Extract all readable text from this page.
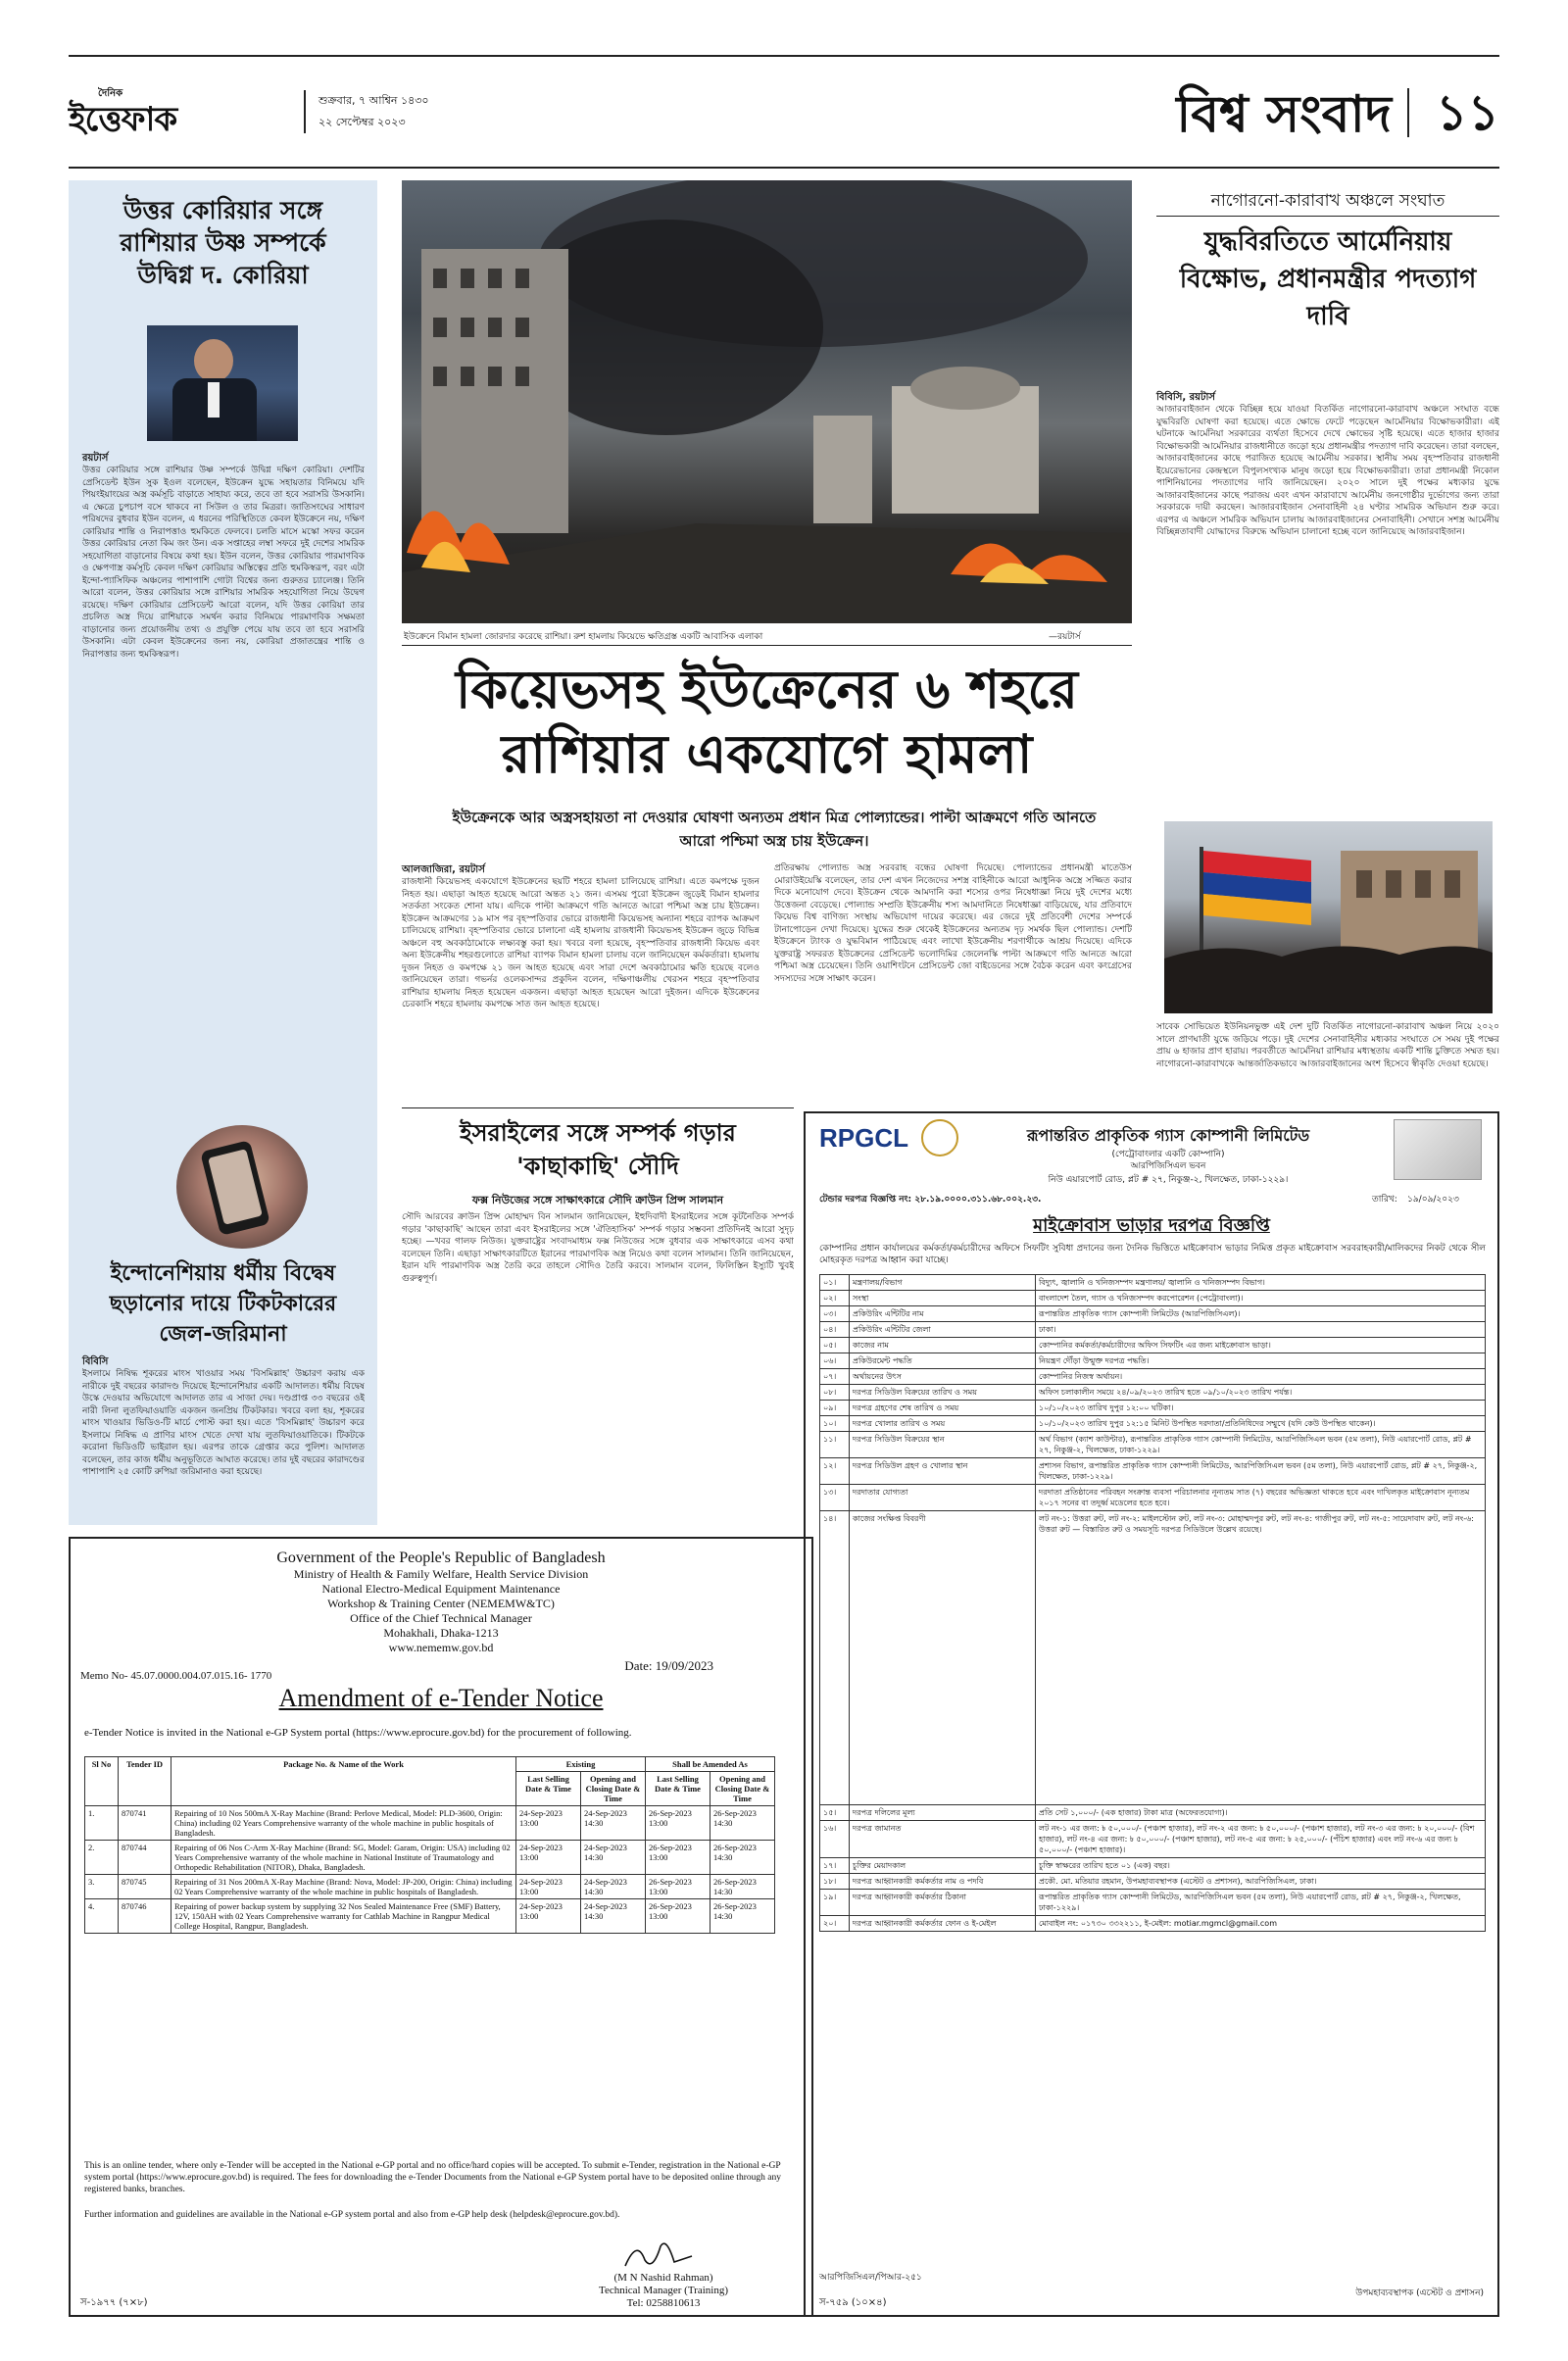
দৈনিক
ইত্তেফাক	শুক্রবার, ৭ আশ্বিন ১৪৩০
২২ সেপ্টেম্বর ২০২৩	বিশ্ব সংবাদ ১১
উত্তর কোরিয়ার সঙ্গে রাশিয়ার উষ্ণ সম্পর্কে উদ্বিগ্ন দ. কোরিয়া
রয়টার্স
উত্তর কোরিয়ার সঙ্গে রাশিয়ার উষ্ণ সম্পর্কে উদ্বিগ্ন দক্ষিণ কোরিয়া। দেশটির প্রেসিডেন্ট ইউন সুক ইওল বলেছেন, ইউক্রেন যুদ্ধে সহায়তার বিনিময়ে যদি পিয়ংইয়াংয়ের অস্ত্র কর্মসূচি বাড়াতে সাহায্য করে, তবে তা হবে সরাসরি উসকানি। এ ক্ষেত্রে চুপচাপ বসে থাকবে না সিউল ও তার মিত্ররা। জাতিসংঘের সাধারণ পরিষদের বুধবার ইউন বলেন, এ ধরনের পরিস্থিতিতে কেবল ইউক্রেনে নয়, দক্ষিণ কোরিয়ার শান্তি ও নিরাপত্তাও হুমকিতে ফেলবে। চলতি মাসে মস্কো সফর করেন উত্তর কোরিয়ার নেতা কিম জং উন। এক সপ্তাহের লম্বা সফরে দুই দেশের সামরিক সহযোগিতা বাড়ানোর বিষয়ে কথা হয়। ইউন বলেন, উত্তর কোরিয়ার পারমাণবিক ও ক্ষেপণাস্ত্র কর্মসূচি কেবল দক্ষিণ কোরিয়ার অস্তিত্বের প্রতি হুমকিস্বরূপ, বরং এটা ইন্দো-প্যাসিফিক অঞ্চলের পাশাপাশি গোটা বিশ্বের জন্য গুরুতর চ্যালেঞ্জ। তিনি আরো বলেন, উত্তর কোরিয়ার সঙ্গে রাশিয়ার সামরিক সহযোগিতা নিয়ে উদ্বেগ রয়েছে। দক্ষিণ কোরিয়ার প্রেসিডেন্ট আরো বলেন, যদি উত্তর কোরিয়া তার প্রচলিত অস্ত্র দিয়ে রাশিয়াকে সমর্থন করার বিনিময়ে পারমাণবিক সক্ষমতা বাড়ানোর জন্য প্রয়োজনীয় তথ্য ও প্রযুক্তি পেয়ে যায় তবে তা হবে সরাসরি উসকানি। এটা কেবল ইউক্রেনের জন্য নয়, কোরিয়া প্রজাতন্ত্রের শান্তি ও নিরাপত্তার জন্য হুমকিস্বরূপ।
ইন্দোনেশিয়ায় ধর্মীয় বিদ্বেষ ছড়ানোর দায়ে টিকটকারের জেল-জরিমানা
বিবিসি
ইসলামে নিষিদ্ধ শূকরের মাংস খাওয়ার সময় 'বিসমিল্লাহ' উচ্চারণ করায় এক নারীকে দুই বছরের কারাদণ্ড দিয়েছে ইন্দোনেশিয়ার একটি আদালত। ধর্মীয় বিদ্বেষ উস্কে দেওয়ার অভিযোগে আদালত তার এ সাজা দেয়। দণ্ডপ্রাপ্ত ৩৩ বছরের ওই নারী লিনা লুতফিয়াওয়াতি একজন জনপ্রিয় টিকটকার। খবরে বলা হয়, শূকরের মাংস খাওয়ার ভিডিও-টি মার্চে পোস্ট করা হয়। এতে 'বিসমিল্লাহ' উচ্চারণ করে ইসলামে নিষিদ্ধ এ প্রাণির মাংস খেতে দেখা যায় লুতফিয়াওয়াতিকে। টিকটকে করোনা ভিডিওটি ভাইরাল হয়। এরপর তাকে গ্রেপ্তার করে পুলিশ। আদালত বলেছেন, তার কাজ ধর্মীয় অনুভূতিতে আঘাত করেছে। তার দুই বছরের কারাদণ্ডের পাশাপাশি ২৫ কোটি রুপিয়া জরিমানাও করা হয়েছে।
ইউক্রেনে বিমান হামলা জোরদার করেছে রাশিয়া। রুশ হামলায় কিয়েভে ক্ষতিগ্রস্ত একটি আবাসিক এলাকা	—রয়টার্স
কিয়েভসহ ইউক্রেনের ৬ শহরে
রাশিয়ার একযোগে হামলা
ইউক্রেনকে আর অস্ত্রসহায়তা না দেওয়ার ঘোষণা অন্যতম প্রধান মিত্র পোল্যান্ডের। পাল্টা আক্রমণে গতি আনতে আরো পশ্চিমা অস্ত্র চায় ইউক্রেন।
আলজাজিরা, রয়টার্স
রাজধানী কিয়েভসহ একযোগে ইউক্রেনের ছয়টি শহরে হামলা চালিয়েছে রাশিয়া। এতে কমপক্ষে দুজন নিহত হয়। এছাড়া আহত হয়েছে আরো অন্তত ২১ জন। এসময় পুরো ইউক্রেন জুড়েই বিমান হামলার সতর্কতা সংকেত শোনা যায়। এদিকে পাল্টা আক্রমণে গতি আনতে আরো পশ্চিমা অস্ত্র চায় ইউক্রেন। ইউক্রেন আক্রমণের ১৯ মাস পর বৃহস্পতিবার ভোরে রাজধানী কিয়েভসহ অন্যান্য শহরে ব্যাপক আক্রমণ চালিয়েছে রাশিয়া। বৃহস্পতিবার ভোরে চালানো এই হামলায় রাজধানী কিয়েভসহ ইউক্রেন জুড়ে বিভিন্ন অঞ্চলে বহু অবকাঠামোকে লক্ষ্যবস্তু করা হয়। খবরে বলা হয়েছে, বৃহস্পতিবার রাজধানী কিয়েভ এবং অন্য ইউক্রেনীয় শহরগুলোতে রাশিয়া ব্যাপক বিমান হামলা চালায় বলে জানিয়েছেন কর্মকর্তারা। হামলায় দুজন নিহত ও কমপক্ষে ২১ জন আহত হয়েছে এবং সারা দেশে অবকাঠামোর ক্ষতি হয়েছে বলেও জানিয়েছেন তারা। গভর্নর ওলেকসান্দর প্রকুদিন বলেন, দক্ষিণাঞ্চলীয় খেরসন শহরে বৃহস্পতিবার রাশিয়ার হামলায় নিহত হয়েছেন একজন। এছাড়া আহত হয়েছেন আরো দুইজন। এদিকে ইউক্রেনের চেরকাসি শহরে হামলায় কমপক্ষে সাত জন আহত হয়েছে।
প্রতিরক্ষায় পোল্যান্ড অস্ত্র সরবরাহ বন্ধের ঘোষণা দিয়েছে। পোল্যান্ডের প্রধানমন্ত্রী মাতেউস মোরাউইয়েস্কি বলেছেন, তার দেশ এখন নিজেদের সশস্ত্র বাহিনীকে আরো আধুনিক অস্ত্রে সজ্জিত করার দিকে মনোযোগ দেবে। ইউক্রেন থেকে আমদানি করা শস্যের ওপর নিষেধাজ্ঞা নিয়ে দুই দেশের মধ্যে উত্তেজনা বেড়েছে। পোল্যান্ড সম্প্রতি ইউক্রেনীয় শস্য আমদানিতে নিষেধাজ্ঞা বাড়িয়েছে, যার প্রতিবাদে কিয়েভ বিশ্ব বাণিজ্য সংস্থায় অভিযোগ দায়ের করেছে। এর জেরে দুই প্রতিবেশী দেশের সম্পর্কে টানাপোড়েন দেখা দিয়েছে। যুদ্ধের শুরু থেকেই ইউক্রেনের অন্যতম দৃঢ় সমর্থক ছিল পোল্যান্ড। দেশটি ইউক্রেনে ট্যাংক ও যুদ্ধবিমান পাঠিয়েছে এবং লাখো ইউক্রেনীয় শরণার্থীকে আশ্রয় দিয়েছে। এদিকে যুক্তরাষ্ট্র সফররত ইউক্রেনের প্রেসিডেন্ট ভলোদিমির জেলেনস্কি পাল্টা আক্রমণে গতি আনতে আরো পশ্চিমা অস্ত্র চেয়েছেন। তিনি ওয়াশিংটনে প্রেসিডেন্ট জো বাইডেনের সঙ্গে বৈঠক করেন এবং কংগ্রেসের সদস্যদের সঙ্গে সাক্ষাৎ করেন।
ইসরাইলের সঙ্গে সম্পর্ক গড়ার
'কাছাকাছি' সৌদি
ফক্স নিউজের সঙ্গে সাক্ষাৎকারে সৌদি ক্রাউন প্রিন্স সালমান
সৌদি আরবের ক্রাউন প্রিন্স মোহাম্মদ বিন সালমান জানিয়েছেন, ইহুদিবাদী ইসরাইলের সঙ্গে কূটনৈতিক সম্পর্ক গড়ার 'কাছাকাছি' আছেন তারা এবং ইসরাইলের সঙ্গে 'ঐতিহাসিক' সম্পর্ক গড়ার সম্ভবনা প্রতিদিনই আরো সুদৃঢ় হচ্ছে। —খবর গালফ নিউজ। যুক্তরাষ্ট্রের সংবাদমাধ্যম ফক্স নিউজের সঙ্গে বুধবার এক সাক্ষাৎকারে এসব কথা বলেছেন তিনি। এছাড়া সাক্ষাৎকারটিতে ইরানের পারমাণবিক অস্ত্র নিয়েও কথা বলেন সালমান। তিনি জানিয়েছেন, ইরান যদি পারমাণবিক অস্ত্র তৈরি করে তাহলে সৌদিও তৈরি করবে। সালমান বলেন, ফিলিস্তিন ইস্যুটি খুবই গুরুত্বপূর্ণ।
নাগোরনো-কারাবাখ অঞ্চলে সংঘাত
যুদ্ধবিরতিতে আর্মেনিয়ায় বিক্ষোভ, প্রধানমন্ত্রীর পদত্যাগ দাবি
বিবিসি, রয়টার্স
আজারবাইজান থেকে বিচ্ছিন্ন হয়ে যাওয়া বিতর্কিত নাগোরনো-কারাবাখ অঞ্চলে সংঘাত বন্ধে যুদ্ধবিরতি ঘোষণা করা হয়েছে। এতে ক্ষোভে ফেটে পড়েছেন আর্মেনিয়ার বিক্ষোভকারীরা। এই ঘটনাকে আর্মেনিয়া সরকারের ব্যর্থতা হিসেবে দেখে ক্ষোভের সৃষ্টি হয়েছে। এতে হাজার হাজার বিক্ষোভকারী আর্মেনিয়ার রাজধানীতে জড়ো হয়ে প্রধানমন্ত্রীর পদত্যাগ দাবি করেছেন। তারা বলছেন, আজারবাইজানের কাছে পরাজিত হয়েছে আর্মেনীয় সরকার। স্থানীয় সময় বৃহস্পতিবার রাজধানী ইয়েরেভানের কেন্দ্রস্থলে বিপুলসংখ্যক মানুষ জড়ো হয়ে বিক্ষোভকারীরা। তারা প্রধানমন্ত্রী নিকোল পাশিনিয়ানের পদত্যাগের দাবি জানিয়েছেন। ২০২০ সালে দুই পক্ষের মধ্যকার যুদ্ধে আজারবাইজানের কাছে পরাজয় এবং এখন কারাবাখে আর্মেনীয় জনগোষ্ঠীর দুর্ভোগের জন্য তারা সরকারকে দায়ী করছেন। আজারবাইজান সেনাবাহিনী ২৪ ঘণ্টার সামরিক অভিযান শুরু করে। এরপর এ অঞ্চলে সামরিক অভিযান চালায় আজারবাইজানের সেনাবাহিনী। সেখানে সশস্ত্র আর্মেনীয় বিচ্ছিন্নতাবাদী যোদ্ধাদের বিরুদ্ধে অভিযান চালানো হচ্ছে বলে জানিয়েছে আজারবাইজান।
সাবেক সোভিয়েত ইউনিয়নভুক্ত এই দেশ দুটি বিতর্কিত নাগোরনো-কারাবাখ অঞ্চল নিয়ে ২০২০ সালে প্রাণঘাতী যুদ্ধে জড়িয়ে পড়ে। দুই দেশের সেনাবাহিনীর মধ্যকার সংঘাতে সে সময় দুই পক্ষের প্রায় ৬ হাজার প্রাণ হারায়। পরবর্তীতে আর্মেনিয়া রাশিয়ার মধ্যস্থতায় একটি শান্তি চুক্তিতে সম্মত হয়। নাগোরনো-কারাবাখকে আন্তর্জাতিকভাবে আজারবাইজানের অংশ হিসেবে স্বীকৃতি দেওয়া হয়েছে।
Government of the People's Republic of Bangladesh
Ministry of Health & Family Welfare, Health Service Division
National Electro-Medical Equipment Maintenance
Workshop & Training Center (NEMEMW&TC)
Office of the Chief Technical Manager
Mohakhali, Dhaka-1213
www.nememw.gov.bd
Memo No- 45.07.0000.004.07.015.16- 1770
Date: 19/09/2023
Amendment of e-Tender Notice
e-Tender Notice is invited in the National e-GP System portal (https://www.eprocure.gov.bd) for the procurement of following.
Sl No	Tender ID	Package No. & Name of the Work	Existing		Shall be Amended As	
			Last Selling Date & Time	Opening and Closing Date & Time	Last Selling Date & Time	Opening and Closing Date & Time
1.	870741	Repairing of 10 Nos 500mA X-Ray Machine (Brand: Perlove Medical, Model: PLD-3600, Origin: China) including 02 Years Comprehensive warranty of the whole machine in public hospitals of Bangladesh.	24-Sep-2023 13:00	24-Sep-2023 14:30	26-Sep-2023 13:00	26-Sep-2023 14:30
2.	870744	Repairing of 06 Nos C-Arm X-Ray Machine (Brand: SG, Model: Garam, Origin: USA) including 02 Years Comprehensive warranty of the whole machine in National Institute of Traumatology and Orthopedic Rehabilitation (NITOR), Dhaka, Bangladesh.	24-Sep-2023 13:00	24-Sep-2023 14:30	26-Sep-2023 13:00	26-Sep-2023 14:30
3.	870745	Repairing of 31 Nos 200mA X-Ray Machine (Brand: Nova, Model: JP-200, Origin: China) including 02 Years Comprehensive warranty of the whole machine in public hospitals of Bangladesh.	24-Sep-2023 13:00	24-Sep-2023 14:30	26-Sep-2023 13:00	26-Sep-2023 14:30
4.	870746	Repairing of power backup system by supplying 32 Nos Sealed Maintenance Free (SMF) Battery, 12V, 150AH with 02 Years Comprehensive warranty for Cathlab Machine in Rangpur Medical College Hospital, Rangpur, Bangladesh.	24-Sep-2023 13:00	24-Sep-2023 14:30	26-Sep-2023 13:00	26-Sep-2023 14:30
This is an online tender, where only e-Tender will be accepted in the National e-GP portal and no office/hard copies will be accepted. To submit e-Tender, registration in the National e-GP system portal (https://www.eprocure.gov.bd) is required. The fees for downloading the e-Tender Documents from the National e-GP System portal have to be deposited online through any registered banks, branches.
Further information and guidelines are available in the National e-GP system portal and also from e-GP help desk (helpdesk@eprocure.gov.bd).
(M N Nashid Rahman)
Technical Manager (Training)
Tel: 0258810613
স-১৯৭৭ (৭×৮)
RPGCL	রূপান্তরিত প্রাকৃতিক গ্যাস কোম্পানী লিমিটেড
(পেট্রোবাংলার একটি কোম্পানি)
আরপিজিসিএল ভবন
নিউ এয়ারপোর্ট রোড, প্লট # ২৭, নিকুঞ্জ-২, খিলক্ষেত, ঢাকা-১২২৯।
টেন্ডার দরপত্র বিজ্ঞপ্তি নং: ২৮.১৯.০০০০.৩১১.৬৮.০০২.২৩.	তারিখ: ১৯/০৯/২০২৩
মাইক্রোবাস ভাড়ার দরপত্র বিজ্ঞপ্তি
কোম্পানির প্রধান কার্যালয়ের কর্মকর্তা/কর্মচারীদের অফিসে সিফটিং সুবিধা প্রদানের জন্য দৈনিক ভিত্তিতে মাইক্রোবাস ভাড়ার নিমিত্ত প্রকৃত মাইক্রোবাস সরবরাহকারী/মালিকদের নিকট থেকে সীল মোহরকৃত দরপত্র আহ্বান করা যাচ্ছে।
০১।	মন্ত্রণালয়/বিভাগ	বিদ্যুৎ, জ্বালানি ও খনিজসম্পদ মন্ত্রণালয়/ জ্বালানি ও খনিজসম্পদ বিভাগ।
০২।	সংস্থা	বাংলাদেশ তৈল, গ্যাস ও খনিজসম্পদ করপোরেশন (পেট্রোবাংলা)।
০৩।	প্রকিউরিং এন্টিটির নাম	রূপান্তরিত প্রাকৃতিক গ্যাস কোম্পানী লিমিটেড (আরপিজিসিএল)।
০৪।	প্রকিউরিং এন্টিটির জেলা	ঢাকা।
০৫।	কাজের নাম	কোম্পানির কর্মকর্তা/কর্মচারীদের অফিস সিফটিং এর জন্য মাইক্রোবাস ভাড়া।
০৬।	প্রকিউরমেন্ট পদ্ধতি	নিয়ন্ত্রণ দৌঁড়া উন্মুক্ত দরপত্র পদ্ধতি।
০৭।	অর্থায়নের উৎস	কোম্পানির নিজস্ব অর্থায়ন।
০৮।	দরপত্র সিডিউল বিক্রয়ের তারিখ ও সময়	অফিস চলাকালীন সময়ে ২৪/০৯/২০২৩ তারিখ হতে ০৯/১০/২০২৩ তারিখ পর্যন্ত।
০৯।	দরপত্র গ্রহণের শেষ তারিখ ও সময়	১০/১০/২০২৩ তারিখ দুপুর ১২:০০ ঘটিকা।
১০।	দরপত্র খোলার তারিখ ও সময়	১০/১০/২০২৩ তারিখ দুপুর ১২:১৫ মিনিট উপস্থিত দরদাতা/প্রতিনিধিদের সম্মুখে (যদি কেউ উপস্থিত থাকেন)।
১১।	দরপত্র সিডিউল বিক্রয়ের স্থান	অর্থ বিভাগ (ক্যাশ কাউন্টার), রূপান্তরিত প্রাকৃতিক গ্যাস কোম্পানী লিমিটেড, আরপিজিসিএল ভবন (৫ম তলা), নিউ এয়ারপোর্ট রোড, প্লট # ২৭, নিকুঞ্জ-২, খিলক্ষেত, ঢাকা-১২২৯।
১২।	দরপত্র সিডিউল গ্রহণ ও খোলার স্থান	প্রশাসন বিভাগ, রূপান্তরিত প্রাকৃতিক গ্যাস কোম্পানী লিমিটেড, আরপিজিসিএল ভবন (৫ম তলা), নিউ এয়ারপোর্ট রোড, প্লট # ২৭, নিকুঞ্জ-২, খিলক্ষেত, ঢাকা-১২২৯।
১৩।	দরদাতার যোগ্যতা	দরদাতা প্রতিষ্ঠানের পরিবহন সংক্রান্ত ব্যবসা পরিচালনার নূন্যতম সাত (৭) বছরের অভিজ্ঞতা থাকতে হবে এবং দাখিলকৃত মাইক্রোবাস নূন্যতম ২০১৭ সনের বা তদুর্ধ্ব মডেলের হতে হবে।
১৪।	কাজের সংক্ষিপ্ত বিবরণী	লট নং-১: উত্তরা রুট, লট নং-২: মাইলস্টোন রুট, লট নং-৩: মোহাম্মদপুর রুট, লট নং-৪: গাজীপুর রুট, লট নং-৫: সায়েদাবাদ রুট, লট নং-৬: উত্তরা রুট — বিস্তারিত রুট ও সময়সূচি দরপত্র সিডিউলে উল্লেখ রয়েছে।
১৫।	দরপত্র দলিলের মূল্য	প্রতি সেট ১,০০০/- (এক হাজার) টাকা মাত্র (অফেরতযোগ্য)।
১৬।	দরপত্র জামানত	লট নং-১ এর জন্য: ৳ ৫০,০০০/- (পঞ্চাশ হাজার), লট নং-২ এর জন্য: ৳ ৫০,০০০/- (পঞ্চাশ হাজার), লট নং-৩ এর জন্য: ৳ ২০,০০০/- (বিশ হাজার), লট নং-৪ এর জন্য: ৳ ৫০,০০০/- (পঞ্চাশ হাজার), লট নং-৫ এর জন্য: ৳ ২৫,০০০/- (পঁচিশ হাজার) এবং লট নং-৬ এর জন্য ৳ ৫০,০০০/- (পঞ্চাশ হাজার)।
১৭।	চুক্তির মেয়াদকাল	চুক্তি স্বাক্ষরের তারিখ হতে ০১ (এক) বছর।
১৮।	দরপত্র আহ্বানকারী কর্মকর্তার নাম ও পদবি	প্রকৌ. মো. মতিয়ার রহমান, উপমহাব্যবস্থাপক (এস্টেট ও প্রশাসন), আরপিজিসিএল, ঢাকা।
১৯।	দরপত্র আহ্বানকারী কর্মকর্তার ঠিকানা	রূপান্তরিত প্রাকৃতিক গ্যাস কোম্পানী লিমিটেড, আরপিজিসিএল ভবন (৫ম তলা), নিউ এয়ারপোর্ট রোড, প্লট # ২৭, নিকুঞ্জ-২, খিলক্ষেত, ঢাকা-১২২৯।
২০।	দরপত্র আহ্বানকারী কর্মকর্তার ফোন ও ই-মেইল	মোবাইল নং: ০১৭৩০ ৩৩২২১১, ই-মেইল: motiar.mgmcl@gmail.com
আরপিজিসিএল/পিআর-২৫১
উপমহাব্যবস্থাপক (এস্টেট ও প্রশাসন)
স-৭৫৯ (১০×৪)
